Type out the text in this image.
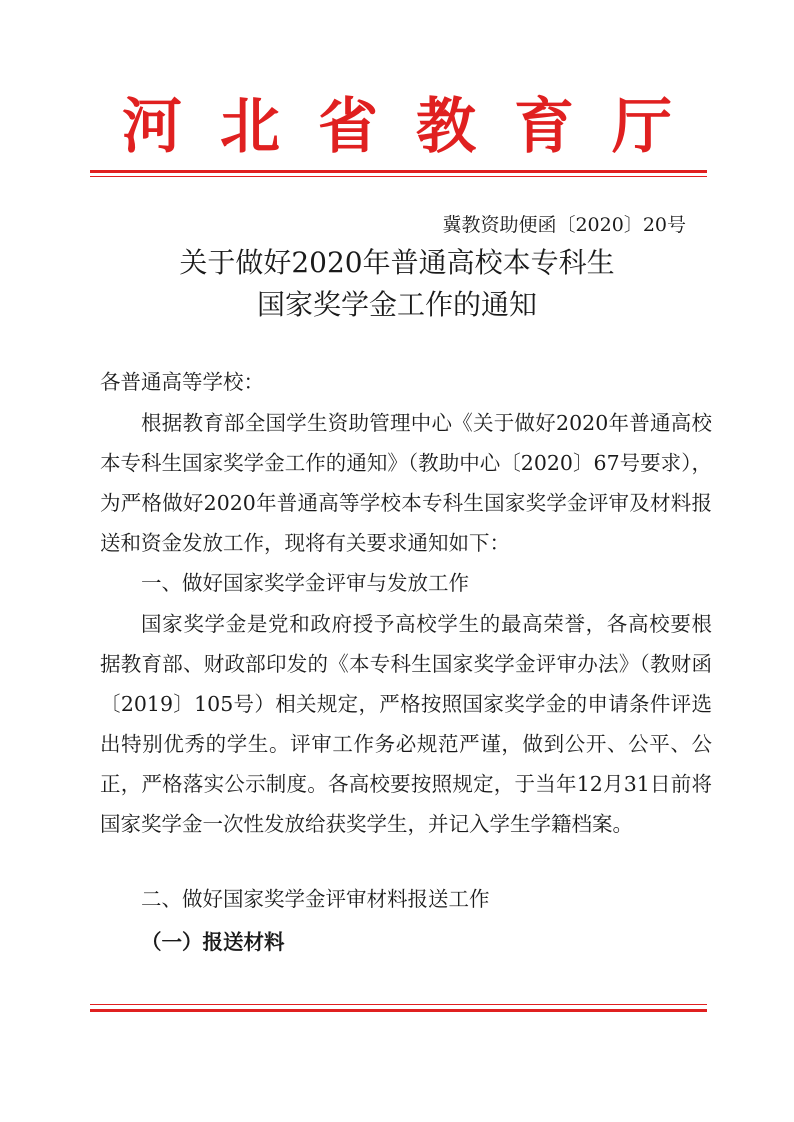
河北省教育厅
冀教资助便函〔2020〕20号
关于做好2020年普通高校本专科生
国家奖学金工作的通知

各普通高等学校：

根据教育部全国学生资助管理中心《关于做好2020年普通高校本专科生国家奖学金工作的通知》（教助中心〔2020〕67号要求），为严格做好2020年普通高等学校本专科生国家奖学金评审及材料报送和资金发放工作，现将有关要求通知如下：

一、做好国家奖学金评审与发放工作

国家奖学金是党和政府授予高校学生的最高荣誉，各高校要根据教育部、财政部印发的《本专科生国家奖学金评审办法》（教财函〔2019〕105号）相关规定，严格按照国家奖学金的申请条件评选出特别优秀的学生。评审工作务必规范严谨，做到公开、公平、公正，严格落实公示制度。各高校要按照规定，于当年12月31日前将国家奖学金一次性发放给获奖学生，并记入学生学籍档案。

二、做好国家奖学金评审材料报送工作
（一）报送材料
